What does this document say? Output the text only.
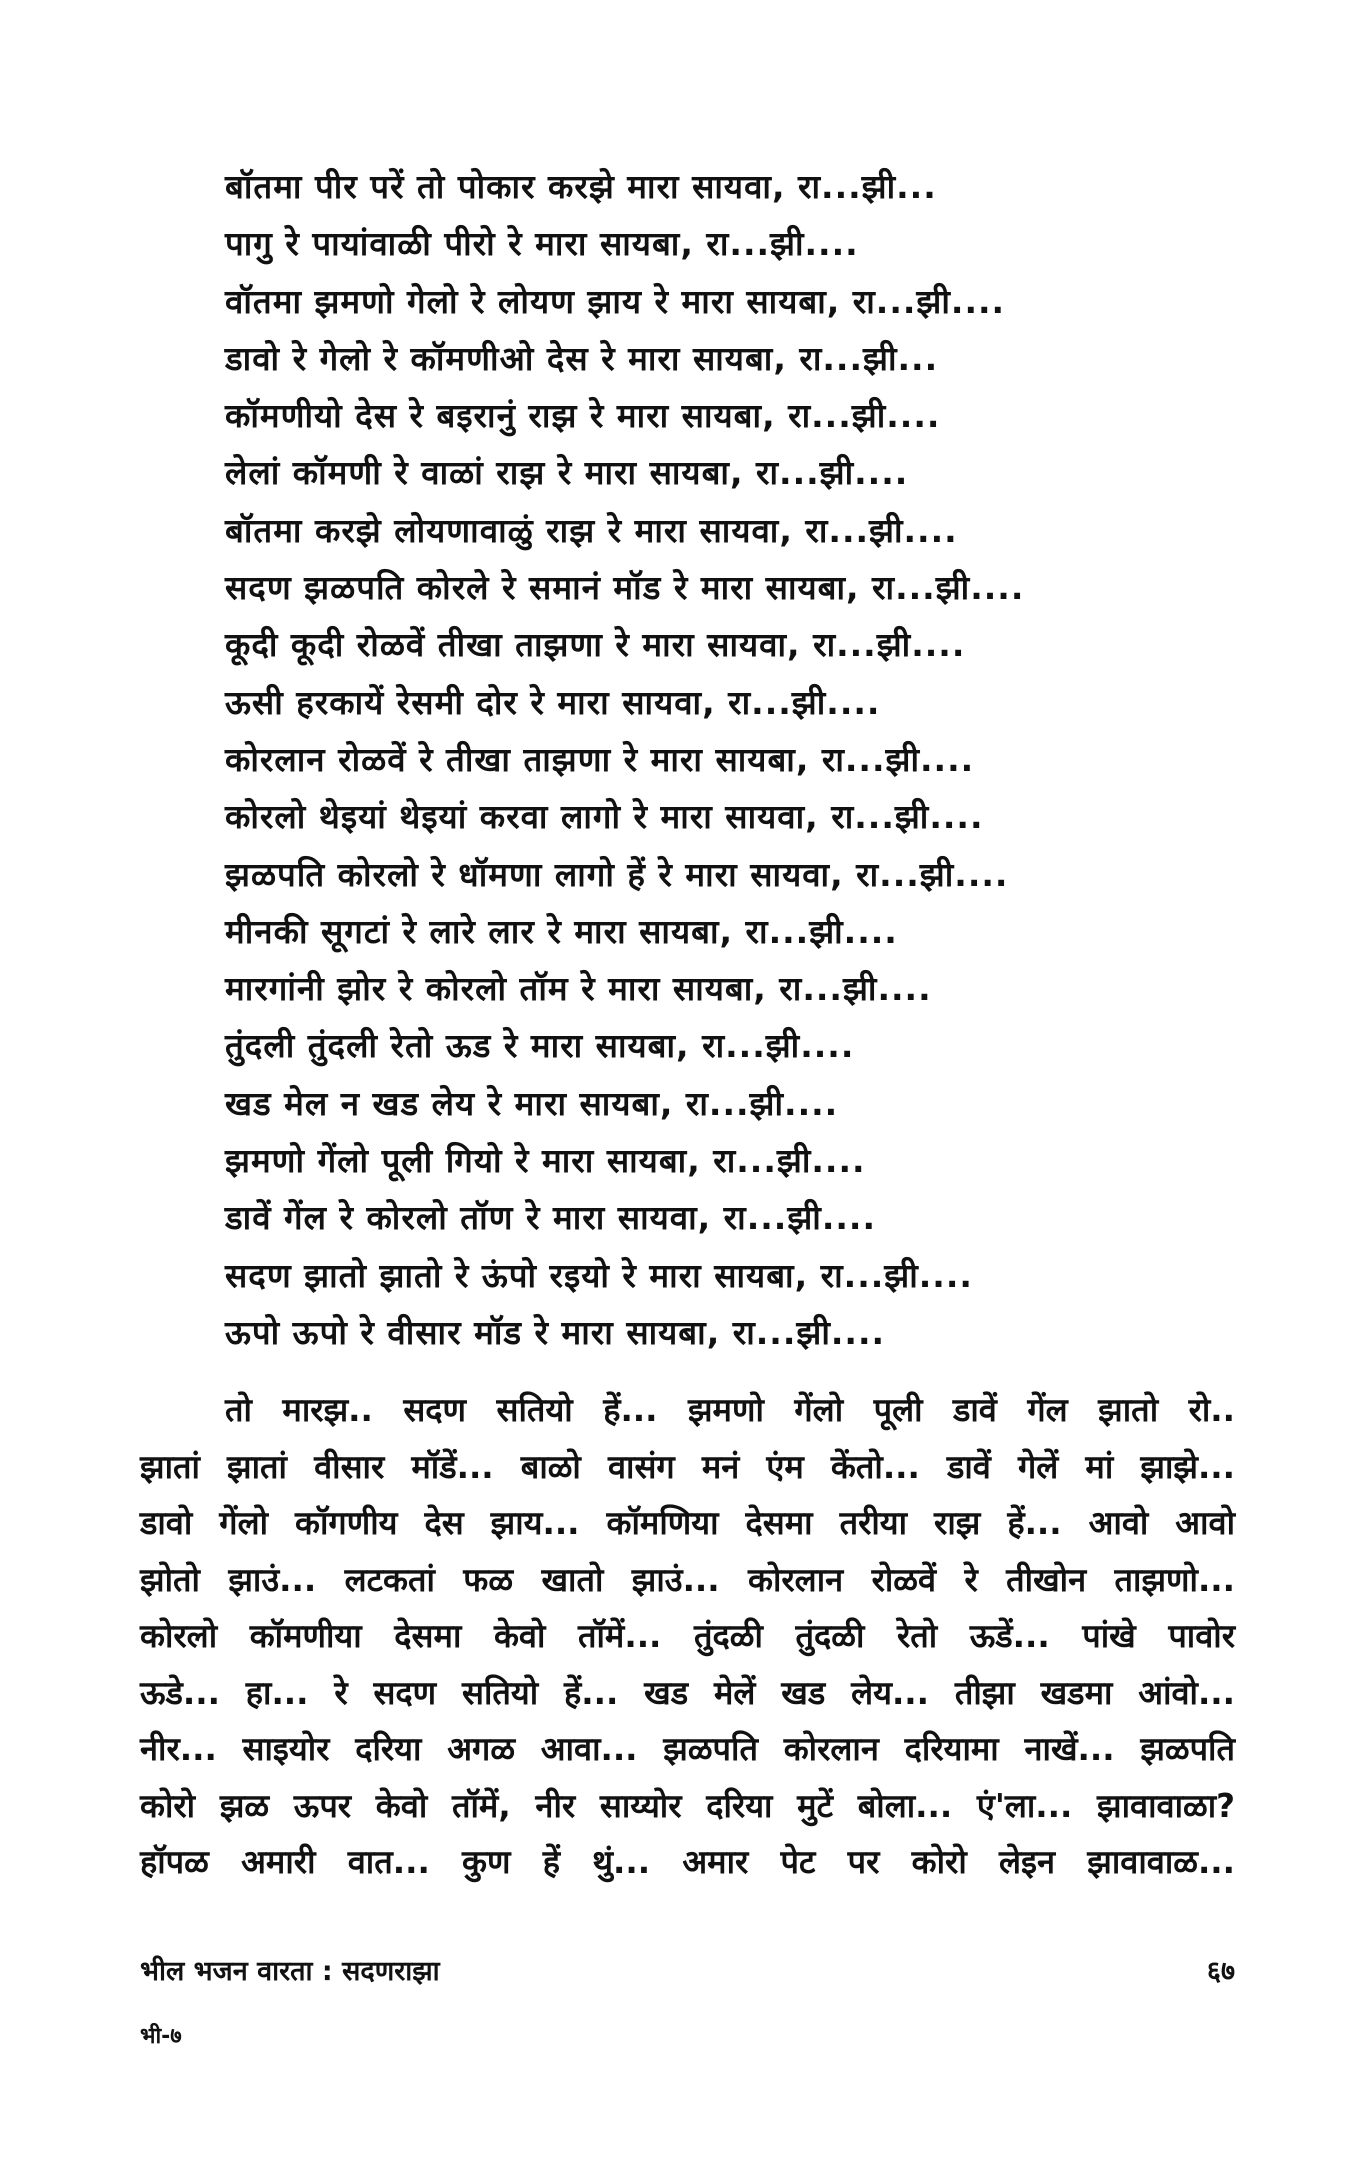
बॉतमा पीर परें तो पोकार करझे मारा सायवा, रा...झी...
पागु रे पायांवाळी पीरो रे मारा सायबा, रा...झी....
वॉतमा झमणो गेलो रे लोयण झाय रे मारा सायबा, रा...झी....
डावो रे गेलो रे कॉमणीओ देस रे मारा सायबा, रा...झी...
कॉमणीयो देस रे बइरानुं राझ रे मारा सायबा, रा...झी....
लेलां कॉमणी रे वाळां राझ रे मारा सायबा, रा...झी....
बॉतमा करझे लोयणावाळुं राझ रे मारा सायवा, रा...झी....
सदण झळपति कोरले रे समानं मॉड रे मारा सायबा, रा...झी....
कूदी कूदी रोळवें तीखा ताझणा रे मारा सायवा, रा...झी....
ऊसी हरकायें रेसमी दोर रे मारा सायवा, रा...झी....
कोरलान रोळवें रे तीखा ताझणा रे मारा सायबा, रा...झी....
कोरलो थेइयां थेइयां करवा लागो रे मारा सायवा, रा...झी....
झळपति कोरलो रे धॉमणा लागो हें रे मारा सायवा, रा...झी....
मीनकी सूगटां रे लारे लार रे मारा सायबा, रा...झी....
मारगांनी झोर रे कोरलो तॉम रे मारा सायबा, रा...झी....
तुंदली तुंदली रेतो ऊड रे मारा सायबा, रा...झी....
खड मेल न खड लेय रे मारा सायबा, रा...झी....
झमणो गेंलो पूली गियो रे मारा सायबा, रा...झी....
डावें गेंल रे कोरलो तॉण रे मारा सायवा, रा...झी....
सदण झातो झातो रे ऊंपो रइयो रे मारा सायबा, रा...झी....
ऊपो ऊपो रे वीसार मॉड रे मारा सायबा, रा...झी....

तो मारझ.. सदण सतियो हें... झमणो गेंलो पूली डावें गेंल झातो रो..

झातां झातां वीसार मॉडें... बाळो वासंग मनं एंम केंतो... डावें गेलें मां झाझे...

डावो गेंलो कॉगणीय देस झाय... कॉमणिया देसमा तरीया राझ हें... आवो आवो

झोतो झाउं... लटकतां फळ खातो झाउं... कोरलान रोळवें रे तीखोन ताझणो...

कोरलो कॉमणीया देसमा केवो तॉमें... तुंदळी तुंदळी रेतो ऊडें... पांखे पावोर

ऊडे... हा... रे सदण सतियो हें... खड मेलें खड लेय... तीझा खडमा आंवो...

नीर... साइयोर दरिया अगळ आवा... झळपति कोरलान दरियामा नाखें... झळपति

कोरो झळ ऊपर केवो तॉमें, नीर साय्योर दरिया मुटें बोला... एं'ला... झावावाळा?

हॉपळ अमारी वात... कुण हें थुं... अमार पेट पर कोरो लेइन झावावाळ...

भील भजन वारता : सदणराझा	६७
भी-७
